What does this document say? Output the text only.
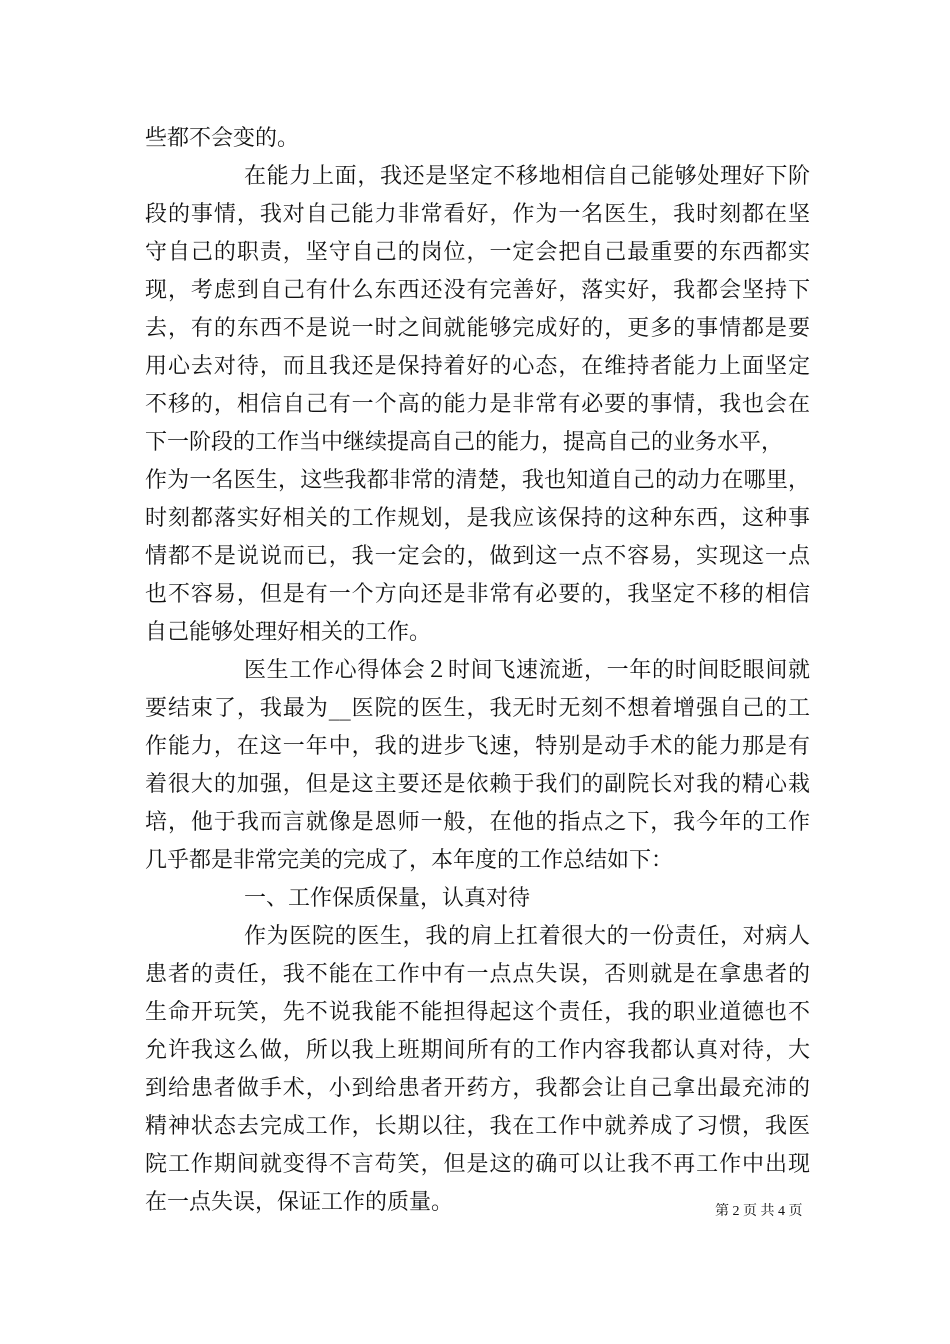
些都不会变的。
在能力上面，我还是坚定不移地相信自己能够处理好下阶
段的事情，我对自己能力非常看好，作为一名医生，我时刻都在坚
守自己的职责，坚守自己的岗位，一定会把自己最重要的东西都实
现，考虑到自己有什么东西还没有完善好，落实好，我都会坚持下
去，有的东西不是说一时之间就能够完成好的，更多的事情都是要
用心去对待，而且我还是保持着好的心态，在维持者能力上面坚定
不移的，相信自己有一个高的能力是非常有必要的事情，我也会在
下一阶段的工作当中继续提高自己的能力，提高自己的业务水平，
作为一名医生，这些我都非常的清楚，我也知道自己的动力在哪里，
时刻都落实好相关的工作规划，是我应该保持的这种东西，这种事
情都不是说说而已，我一定会的，做到这一点不容易，实现这一点
也不容易，但是有一个方向还是非常有必要的，我坚定不移的相信
自己能够处理好相关的工作。
医生工作心得体会２时间飞速流逝，一年的时间眨眼间就
要结束了，我最为__医院的医生，我无时无刻不想着增强自己的工
作能力，在这一年中，我的进步飞速，特别是动手术的能力那是有
着很大的加强，但是这主要还是依赖于我们的副院长对我的精心栽
培，他于我而言就像是恩师一般，在他的指点之下，我今年的工作
几乎都是非常完美的完成了，本年度的工作总结如下：
一、工作保质保量，认真对待
作为医院的医生，我的肩上扛着很大的一份责任，对病人
患者的责任，我不能在工作中有一点点失误，否则就是在拿患者的
生命开玩笑，先不说我能不能担得起这个责任，我的职业道德也不
允许我这么做，所以我上班期间所有的工作内容我都认真对待，大
到给患者做手术，小到给患者开药方，我都会让自己拿出最充沛的
精神状态去完成工作，长期以往，我在工作中就养成了习惯，我医
院工作期间就变得不言苟笑，但是这的确可以让我不再工作中出现
在一点失误，保证工作的质量。	第 2 页 共 4 页
